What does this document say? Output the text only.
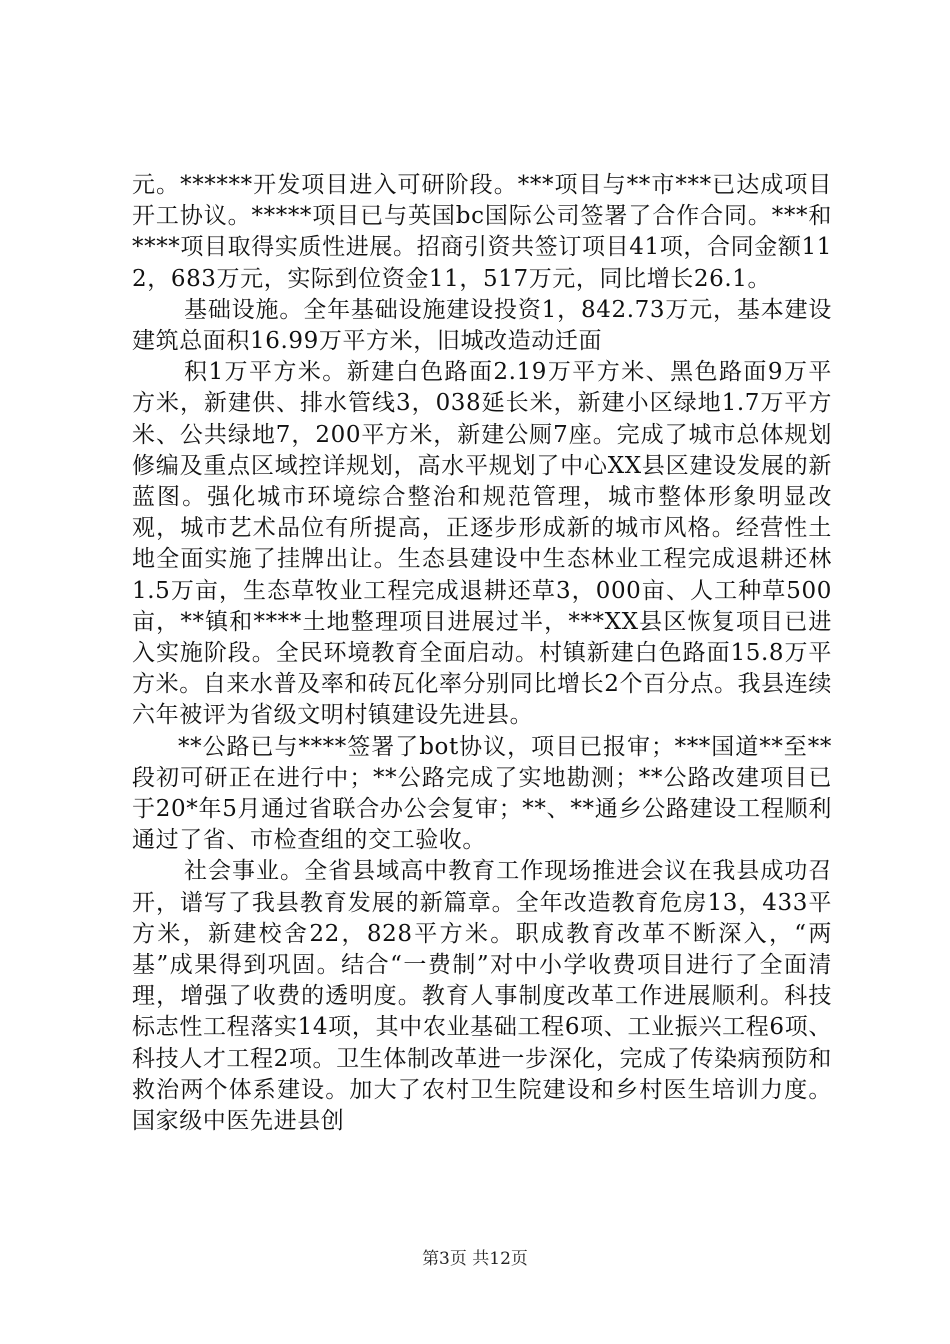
元。******开发项目进入可研阶段。***项目与**市***已达成项目开工协议。*****项目已与英国bc国际公司签署了合作合同。***和****项目取得实质性进展。招商引资共签订项目41项，合同金额112，683万元，实际到位资金11，517万元，同比增长26.1。

基础设施。全年基础设施建设投资1，842.73万元，基本建设建筑总面积16.99万平方米，旧城改造动迁面

积1万平方米。新建白色路面2.19万平方米、黑色路面9万平方米，新建供、排水管线3，038延长米，新建小区绿地1.7万平方米、公共绿地7，200平方米，新建公厕7座。完成了城市总体规划修编及重点区域控详规划，高水平规划了中心XX县区建设发展的新蓝图。强化城市环境综合整治和规范管理，城市整体形象明显改观，城市艺术品位有所提高，正逐步形成新的城市风格。经营性土地全面实施了挂牌出让。生态县建设中生态林业工程完成退耕还林1.5万亩，生态草牧业工程完成退耕还草3，000亩、人工种草500亩，**镇和****土地整理项目进展过半，***XX县区恢复项目已进入实施阶段。全民环境教育全面启动。村镇新建白色路面15.8万平方米。自来水普及率和砖瓦化率分别同比增长2个百分点。我县连续六年被评为省级文明村镇建设先进县。

**公路已与****签署了bot协议，项目已报审；***国道**至**段初可研正在进行中；**公路完成了实地勘测；**公路改建项目已于20*年5月通过省联合办公会复审；**、**通乡公路建设工程顺利通过了省、市检查组的交工验收。

社会事业。全省县域高中教育工作现场推进会议在我县成功召开，谱写了我县教育发展的新篇章。全年改造教育危房13，433平方米，新建校舍22，828平方米。职成教育改革不断深入，“两基”成果得到巩固。结合“一费制”对中小学收费项目进行了全面清理，增强了收费的透明度。教育人事制度改革工作进展顺利。科技标志性工程落实14项，其中农业基础工程6项、工业振兴工程6项、科技人才工程2项。卫生体制改革进一步深化，完成了传染病预防和救治两个体系建设。加大了农村卫生院建设和乡村医生培训力度。国家级中医先进县创

第3页 共12页
